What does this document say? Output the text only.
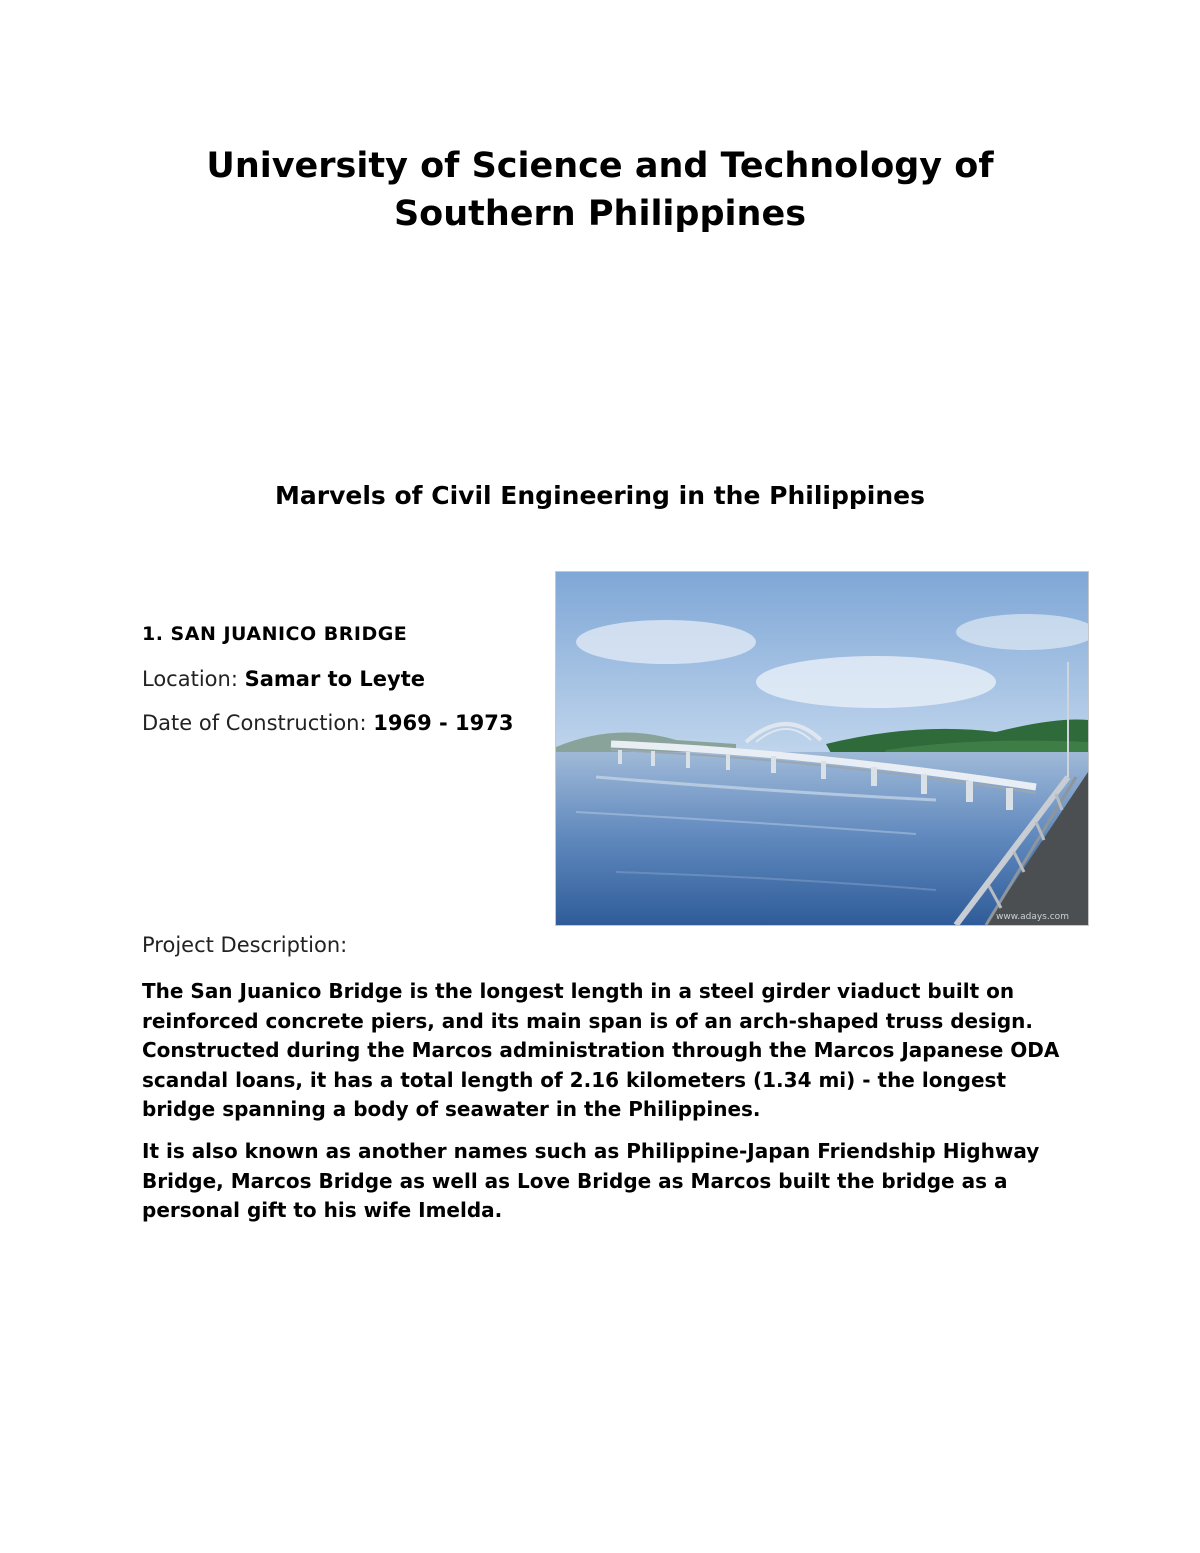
University of Science and Technology of
Southern Philippines
Marvels of Civil Engineering in the Philippines
1. SAN JUANICO BRIDGE

Location: Samar to Leyte

Date of Construction: 1969 - 1973

www.adays.com

Project Description:

The San Juanico Bridge is the longest length in a steel girder viaduct built on reinforced concrete piers, and its main span is of an arch-shaped truss design. Constructed during the Marcos administration through the Marcos Japanese ODA scandal loans, it has a total length of 2.16 kilometers (1.34 mi) - the longest bridge spanning a body of seawater in the Philippines.

It is also known as another names such as Philippine-Japan Friendship Highway Bridge, Marcos Bridge as well as Love Bridge as Marcos built the bridge as a personal gift to his wife Imelda.
